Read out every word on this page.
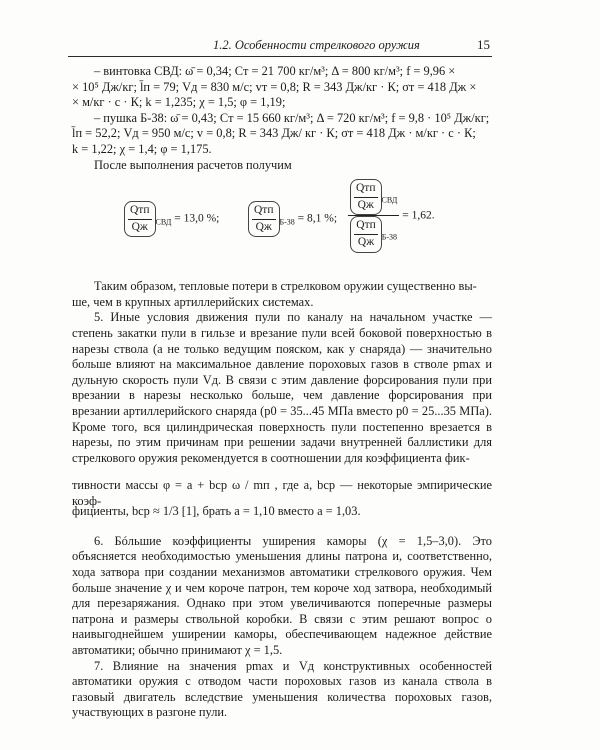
1.2. Особенности стрелкового оружия	15

– винтовка СВД: ω̄ = 0,34; Cт = 21 700 кг/м³; Δ = 800 кг/м³; f = 9,96 ×

× 10⁵ Дж/кг; l̄п = 79; Vд = 830 м/с; vт = 0,8; R = 343 Дж/кг · К; σт = 418 Дж ×

× м/кг · с · К; k = 1,235; χ = 1,5; φ = 1,19;

– пушка Б-38: ω̄ = 0,43; Cт = 15 660 кг/м³; Δ = 720 кг/м³; f = 9,8 · 10⁵ Дж/кг;

l̄п = 52,2; Vд = 950 м/с; v = 0,8; R = 343 Дж/ кг · К; σт = 418 Дж · м/кг · с · К;

k = 1,22; χ = 1,4; φ = 1,175.

После выполнения расчетов получим

$\frac{\text{Qтп}}{Qж} _{СВД} = 13,0$ %;	$\frac{\text{Qтп}}{Qж} _{Б-38} = 8,1$ %; $\frac{\frac{\text{Qтп}}{Qж} _{СВД}}{\frac{\text{Qтп}}{Qж} _{Б-38}} = 1,62$.

Таким образом, тепловые потери в стрелковом оружии существенно вы-

ше, чем в крупных артиллерийских системах.

5. Иные условия движения пули по каналу на начальном участке — степень закатки пули в гильзе и врезание пули всей боковой поверхностью в нарезы ствола (а не только ведущим пояском, как у снаряда) — значительно больше влияют на максимальное давление пороховых газов в стволе pmax и дульную скорость пули Vд. В связи с этим давление форсирования пули при врезании в нарезы несколько больше, чем давление форсирования при врезании артиллерийского снаряда (p0 = 35...45 МПа вместо p0 = 25...35 МПа). Кроме того, вся цилиндрическая поверхность пули постепенно врезается в нарезы, по этим причинам при решении задачи внутренней баллистики для стрелкового оружия рекомендуется в соотношении для коэффициента фик-

тивности массы φ = a + bср ω / mп , где a, bср — некоторые эмпирические коэф-

фициенты, bср ≈ 1/3 [1], брать a = 1,10 вместо a = 1,03.

6. Бóльшие коэффициенты уширения каморы (χ = 1,5–3,0). Это объясняется необходимостью уменьшения длины патрона и, соответственно, хода затвора при создании механизмов автоматики стрелкового оружия. Чем больше значение χ и чем короче патрон, тем короче ход затвора, необходимый для перезаряжания. Однако при этом увеличиваются поперечные размеры патрона и размеры ствольной коробки. В связи с этим решают вопрос о наивыгоднейшем уширении каморы, обеспечивающем надежное действие автоматики; обычно принимают χ = 1,5.

7. Влияние на значения pmax и Vд конструктивных особенностей автоматики оружия с отводом части пороховых газов из канала ствола в газовый двигатель вследствие уменьшения количества пороховых газов, участвующих в разгоне пули.
